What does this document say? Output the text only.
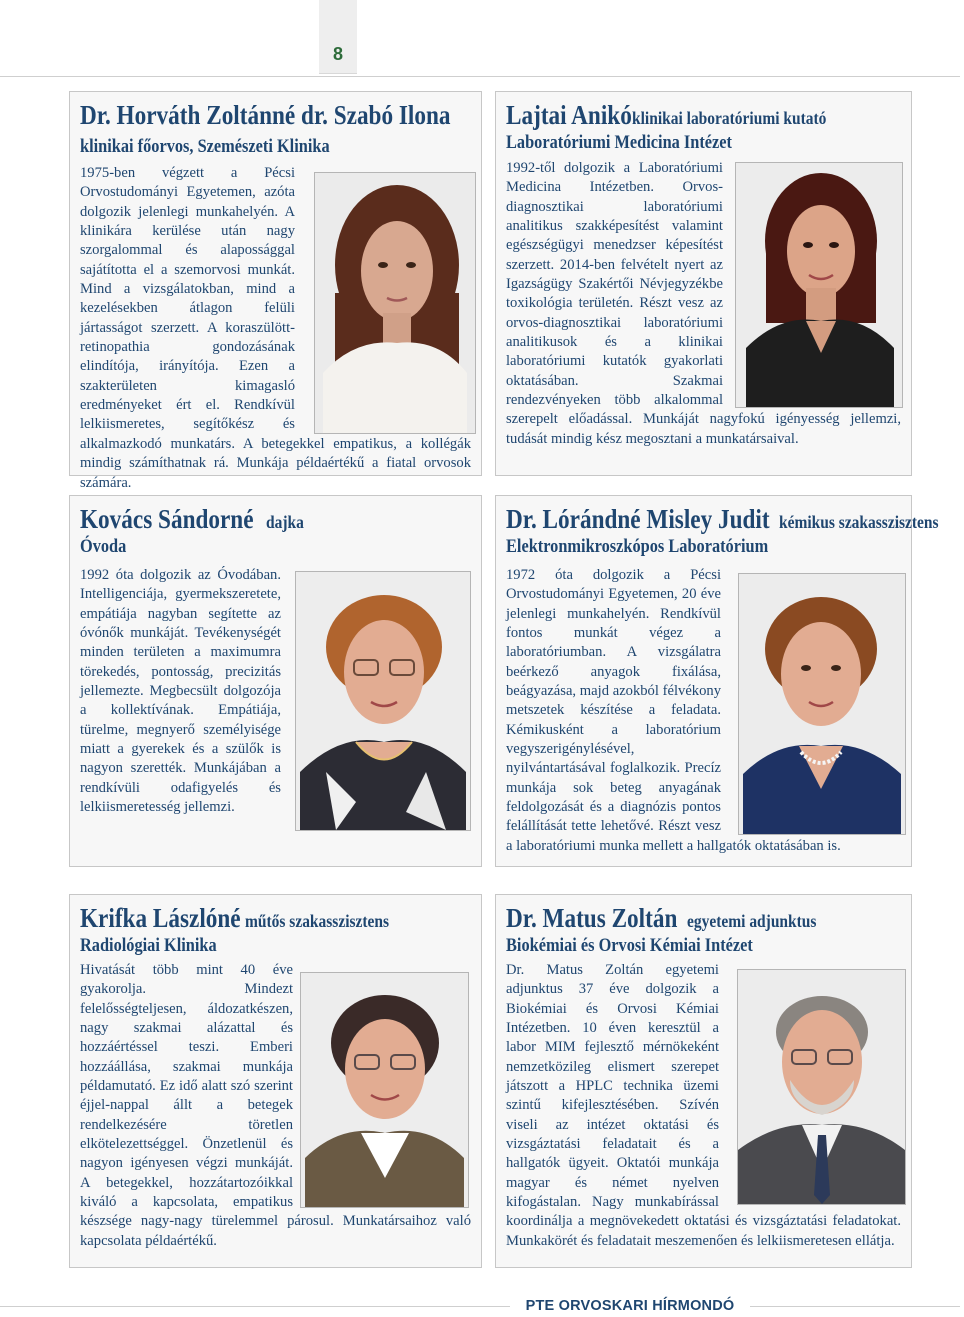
8
Dr. Horváth Zoltánné dr. Szabó Ilona
klinikai főorvos, Szemészeti Klinika
1975-ben végzett a Pécsi Orvostudományi Egyetemen, azóta dolgozik jelenlegi munkahelyén. A klinikára kerülése után nagy szorgalommal és alapossággal sajátította el a szemorvosi munkát. Mind a vizsgálatokban, mind a kezelésekben átlagon felüli jártasságot szerzett. A koraszülött-retinopathia gondozásának elindítója, irányítója. Ezen a szakterületen kimagasló eredményeket ért el. Rendkívül lelkiismeretes, segítőkész és alkalmazkodó munkatárs. A betegekkel empatikus, a kollégák mindig számíthatnak rá. Munkája példaértékű a fiatal orvosok számára.
Lajtai Anikó klinikai laboratóriumi kutató
Laboratóriumi Medicina Intézet
1992-től dolgozik a Laboratóriumi Medicina Intézetben. Orvos-diagnosztikai laboratóriumi analitikus szakképesítést valamint egészségügyi menedzser képesítést szerzett. 2014-ben felvételt nyert az Igazságügy Szakértői Névjegyzékbe toxikológia területén. Részt vesz az orvos-diagnosztikai laboratóriumi analitikusok és a klinikai laboratóriumi kutatók gyakorlati oktatásában. Szakmai rendezvényeken több alkalommal szerepelt előadással. Munkáját nagyfokú igényesség jellemzi, tudását mindig kész megosztani a munkatársaival.
Kovács Sándorné dajka
Óvoda
1992 óta dolgozik az Óvodában. Intelligenciája, gyermekszeretete, empátiája nagyban segítette az óvónők munkáját. Tevékenységét minden területen a maximumra törekedés, pontosság, precizitás jellemezte. Megbecsült dolgozója a kollektívának. Empátiája, türelme, megnyerő személyisége miatt a gyerekek és a szülők is nagyon szerették. Munkájában a rendkívüli odafigyelés és lelkiismeretesség jellemzi.
Dr. Lórándné Misley Judit kémikus szakasszisztens
Elektronmikroszkópos Laboratórium
1972 óta dolgozik a Pécsi Orvostudományi Egyetemen, 20 éve jelenlegi munkahelyén. Rendkívül fontos munkát végez a laboratóriumban. A vizsgálatra beérkező anyagok fixálása, beágyazása, majd azokból félvékony metszetek készítése a feladata. Kémikusként a laboratórium vegyszerigénylésével, nyilvántartásával foglalkozik. Precíz munkája sok beteg anyagának feldolgozását és a diagnózis pontos felállítását tette lehetővé. Részt vesz a laboratóriumi munka mellett a hallgatók oktatásában is.
Krifka Lászlóné műtős szakasszisztens
Radiológiai Klinika
Hivatását több mint 40 éve gyakorolja. Mindezt felelősségteljesen, áldozatkészen, nagy szakmai alázattal és hozzáértéssel teszi. Emberi hozzáállása, szakmai munkája példamutató. Ez idő alatt szó szerint éjjel-nappal állt a betegek rendelkezésére töretlen elkötelezettséggel. Önzetlenül és nagyon igényesen végzi munkáját. A betegekkel, hozzátartozóikkal kiváló a kapcsolata, empatikus készsége nagy-nagy türelemmel párosul. Munkatársaihoz való kapcsolata példaértékű.
Dr. Matus Zoltán egyetemi adjunktus
Biokémiai és Orvosi Kémiai Intézet
Dr. Matus Zoltán egyetemi adjunktus 37 éve dolgozik a Biokémiai és Orvosi Kémiai Intézetben. 10 éven keresztül a labor MIM fejlesztő mérnökeként nemzetközileg elismert szerepet játszott a HPLC technika üzemi szintű kifejlesztésében. Szívén viseli az intézet oktatási és vizsgáztatási feladatait és a hallgatók ügyeit. Oktatói munkája magyar és német nyelven kifogástalan. Nagy munkabírással koordinálja a megnövekedett oktatási és vizsgáztatási feladatokat. Munkakörét és feladatait meszemenően és lelkiismeretesen ellátja.
PTE ORVOSKARI HÍRMONDÓ
